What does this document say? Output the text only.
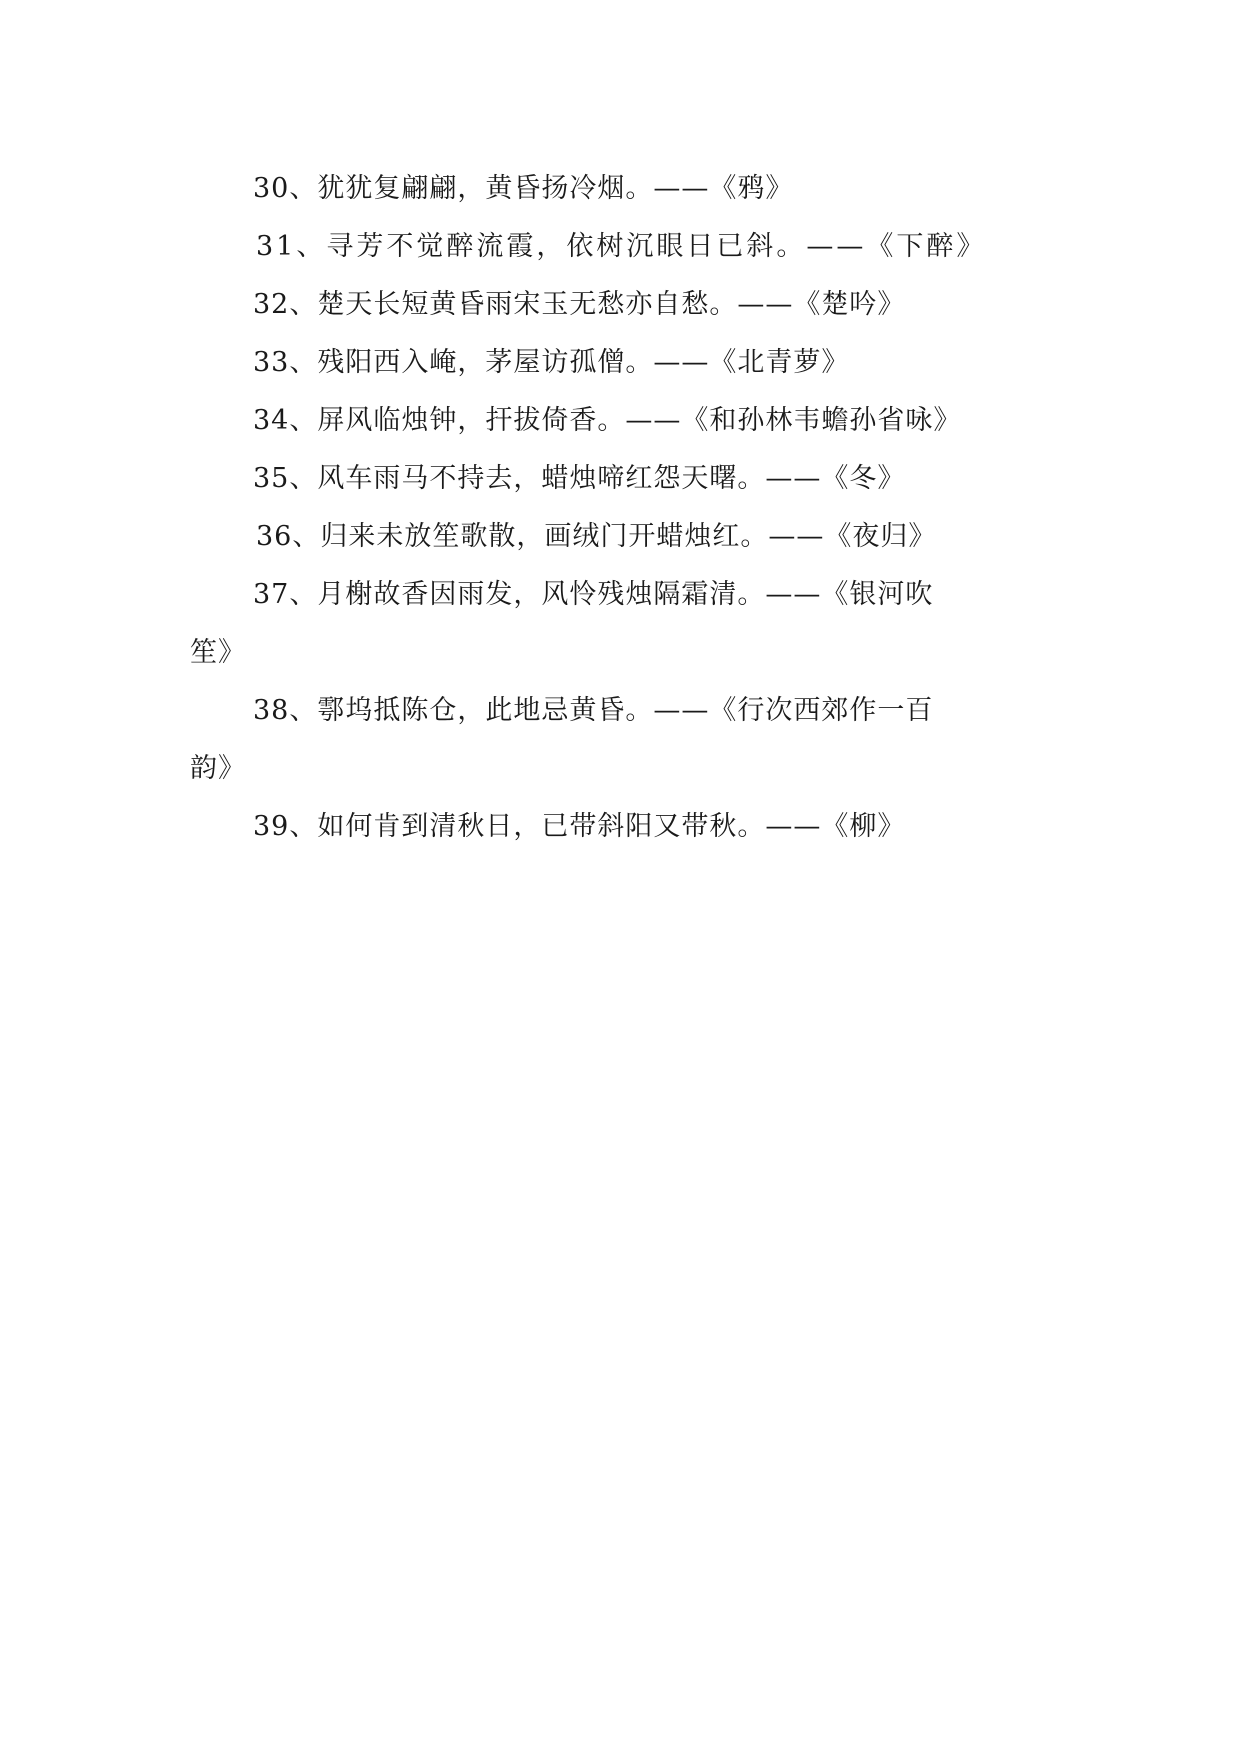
30、犹犹复翩翩，黄昏扬冷烟。——《鸦》
31、寻芳不觉醉流霞，依树沉眼日已斜。——《下醉》
32、楚天长短黄昏雨宋玉无愁亦自愁。——《楚吟》
33、残阳西入崦，茅屋访孤僧。——《北青萝》
34、屏风临烛钟，扞拔倚香。——《和孙林韦蟾孙省咏》
35、风车雨马不持去，蜡烛啼红怨天曙。——《冬》
36、归来未放笙歌散，画绒门开蜡烛红。——《夜归》
37、月榭故香因雨发，风怜残烛隔霜清。——《银河吹
笙》
38、鄠坞抵陈仓，此地忌黄昏。——《行次西郊作一百
韵》
39、如何肯到清秋日，已带斜阳又带秋。——《柳》
